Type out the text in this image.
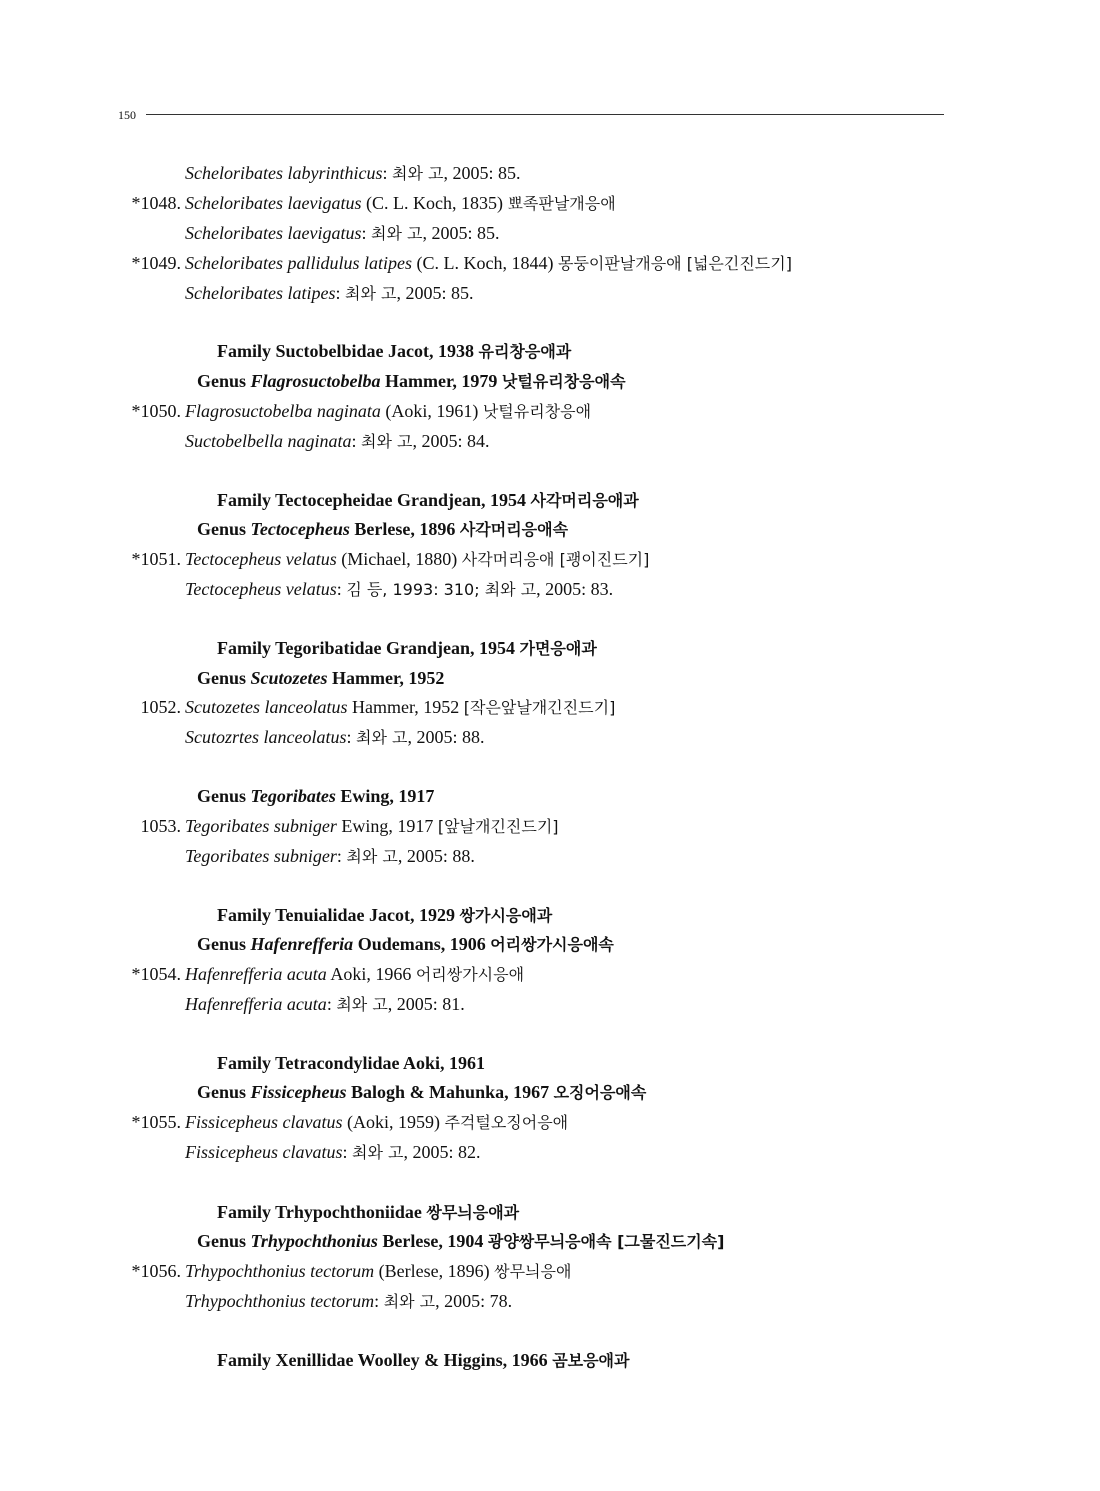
150
Scheloribates labyrinthicus: 최와 고, 2005: 85.
*1048. Scheloribates laevigatus (C. L. Koch, 1835) 뾰족판날개응애
Scheloribates laevigatus: 최와 고, 2005: 85.
*1049. Scheloribates pallidulus latipes (C. L. Koch, 1844) 몽둥이판날개응애 [넓은긴진드기]
Scheloribates latipes: 최와 고, 2005: 85.
Family Suctobelbidae Jacot, 1938 유리창응애과
Genus Flagrosuctobelba Hammer, 1979 낫털유리창응애속
*1050. Flagrosuctobelba naginata (Aoki, 1961) 낫털유리창응애
Suctobelbella naginata: 최와 고, 2005: 84.
Family Tectocepheidae Grandjean, 1954 사각머리응애과
Genus Tectocepheus Berlese, 1896 사각머리응애속
*1051. Tectocepheus velatus (Michael, 1880) 사각머리응애 [괭이진드기]
Tectocepheus velatus: 김 등, 1993: 310; 최와 고, 2005: 83.
Family Tegoribatidae Grandjean, 1954 가면응애과
Genus Scutozetes Hammer, 1952
1052. Scutozetes lanceolatus Hammer, 1952 [작은앞날개긴진드기]
Scutozrtes lanceolatus: 최와 고, 2005: 88.
Genus Tegoribates Ewing, 1917
1053. Tegoribates subniger Ewing, 1917 [앞날개긴진드기]
Tegoribates subniger: 최와 고, 2005: 88.
Family Tenuialidae Jacot, 1929 쌍가시응애과
Genus Hafenrefferia Oudemans, 1906 어리쌍가시응애속
*1054. Hafenrefferia acuta Aoki, 1966 어리쌍가시응애
Hafenrefferia acuta: 최와 고, 2005: 81.
Family Tetracondylidae Aoki, 1961
Genus Fissicepheus Balogh & Mahunka, 1967 오징어응애속
*1055. Fissicepheus clavatus (Aoki, 1959) 주걱털오징어응애
Fissicepheus clavatus: 최와 고, 2005: 82.
Family Trhypochthoniidae 쌍무늬응애과
Genus Trhypochthonius Berlese, 1904 광양쌍무늬응애속 [그물진드기속]
*1056. Trhypochthonius tectorum (Berlese, 1896) 쌍무늬응애
Trhypochthonius tectorum: 최와 고, 2005: 78.
Family Xenillidae Woolley & Higgins, 1966 곰보응애과
